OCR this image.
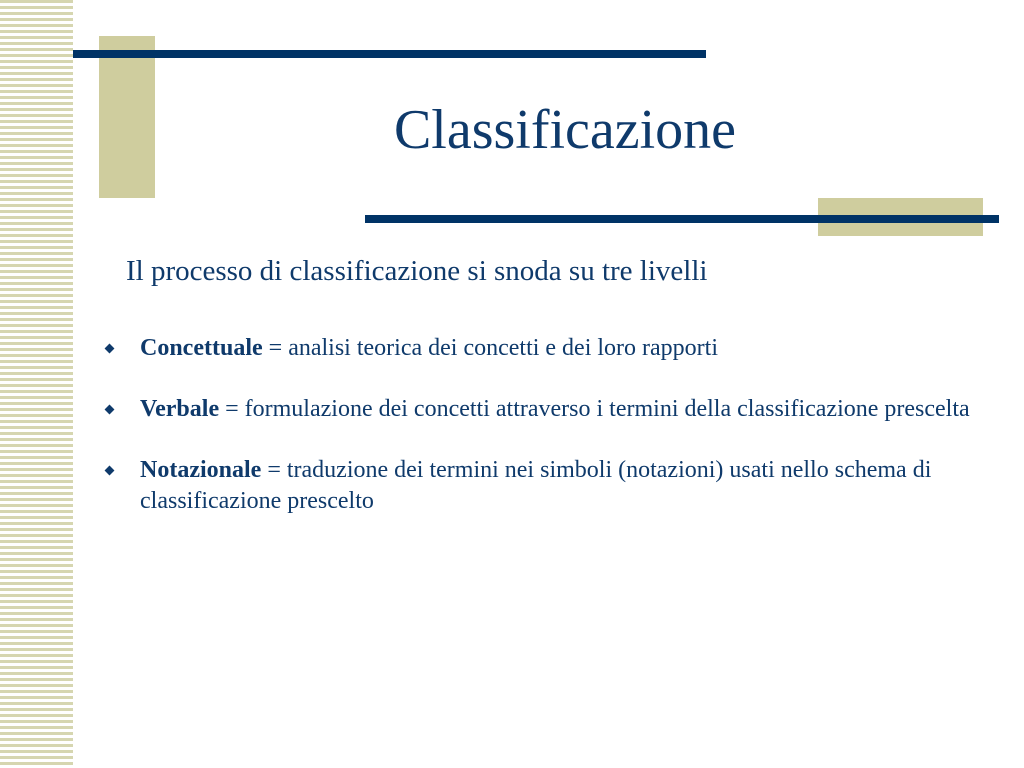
Classificazione

Il processo di classificazione si snoda su tre livelli

Concettuale = analisi teorica dei concetti e dei loro rapporti
Verbale = formulazione dei concetti attraverso i termini della classificazione prescelta
Notazionale = traduzione dei termini nei simboli (notazioni) usati nello schema di classificazione prescelto
